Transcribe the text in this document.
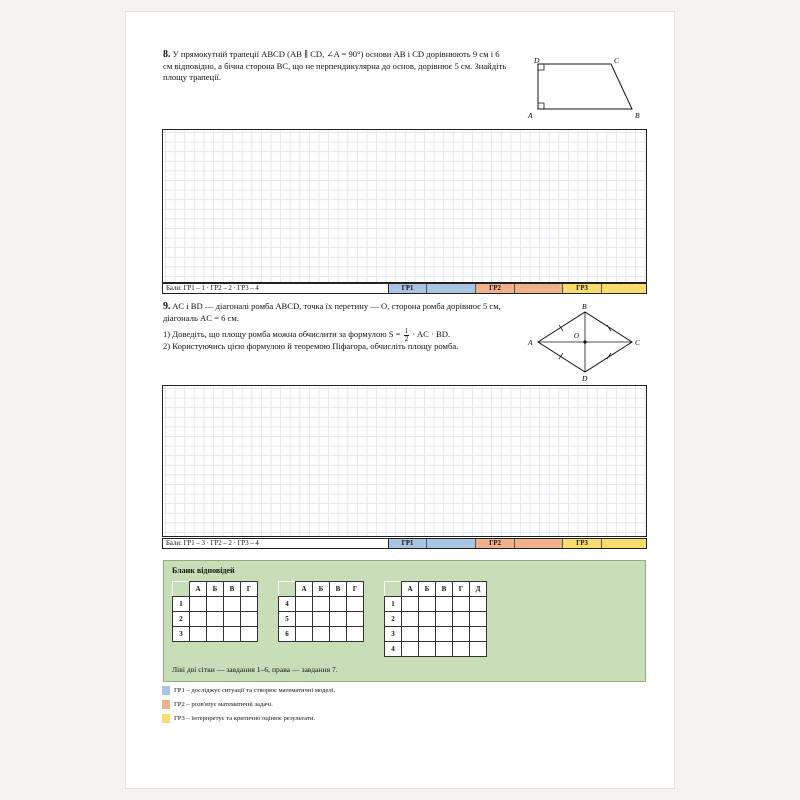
8. У прямокутній трапеції ABCD (AB ∥ CD, ∠A = 90°) основи AB і CD дорівнюють 9 см і 6
см відповідно, а бічна сторона BC, що не перпендикулярна до основ, дорівнює 5 см. Знайдіть
площу трапеції.
A	B
C
D
Бали: ГР1 – 1 · ГР2 – 2 · ГР3 – 4	ГР1	ГР2	ГР3
9. AC і BD — діагоналі ромба ABCD, точка їх перетину — O, сторона ромба дорівнює 5 см,
діагональ AC = 6 см.
1) Доведіть, що площу ромба можна обчислити за формулою $S = \frac{1}{2}$ · AC · BD.
2) Користуючись цією формулою й теоремою Піфагора, обчисліть площу ромба.	A
B
C
D
O
Бали: ГР1 – 3 · ГР2 – 2 · ГР3 – 4	ГР1	ГР2	ГР3
Бланк відповідей
	А	Б	В	Г
1				
2				
3				
	А	Б	В	Г
4				
5				
6				
	А	Б	В	Г	Д
1					
2					
3					
4					
Ліві дві сітки — завдання 1–6, права — завдання 7.
ГР1 – досліджує ситуації та створює математичні моделі.
ГР2 – розв'язує математичні задачі.
ГР3 – інтерпретує та критично оцінює результати.
